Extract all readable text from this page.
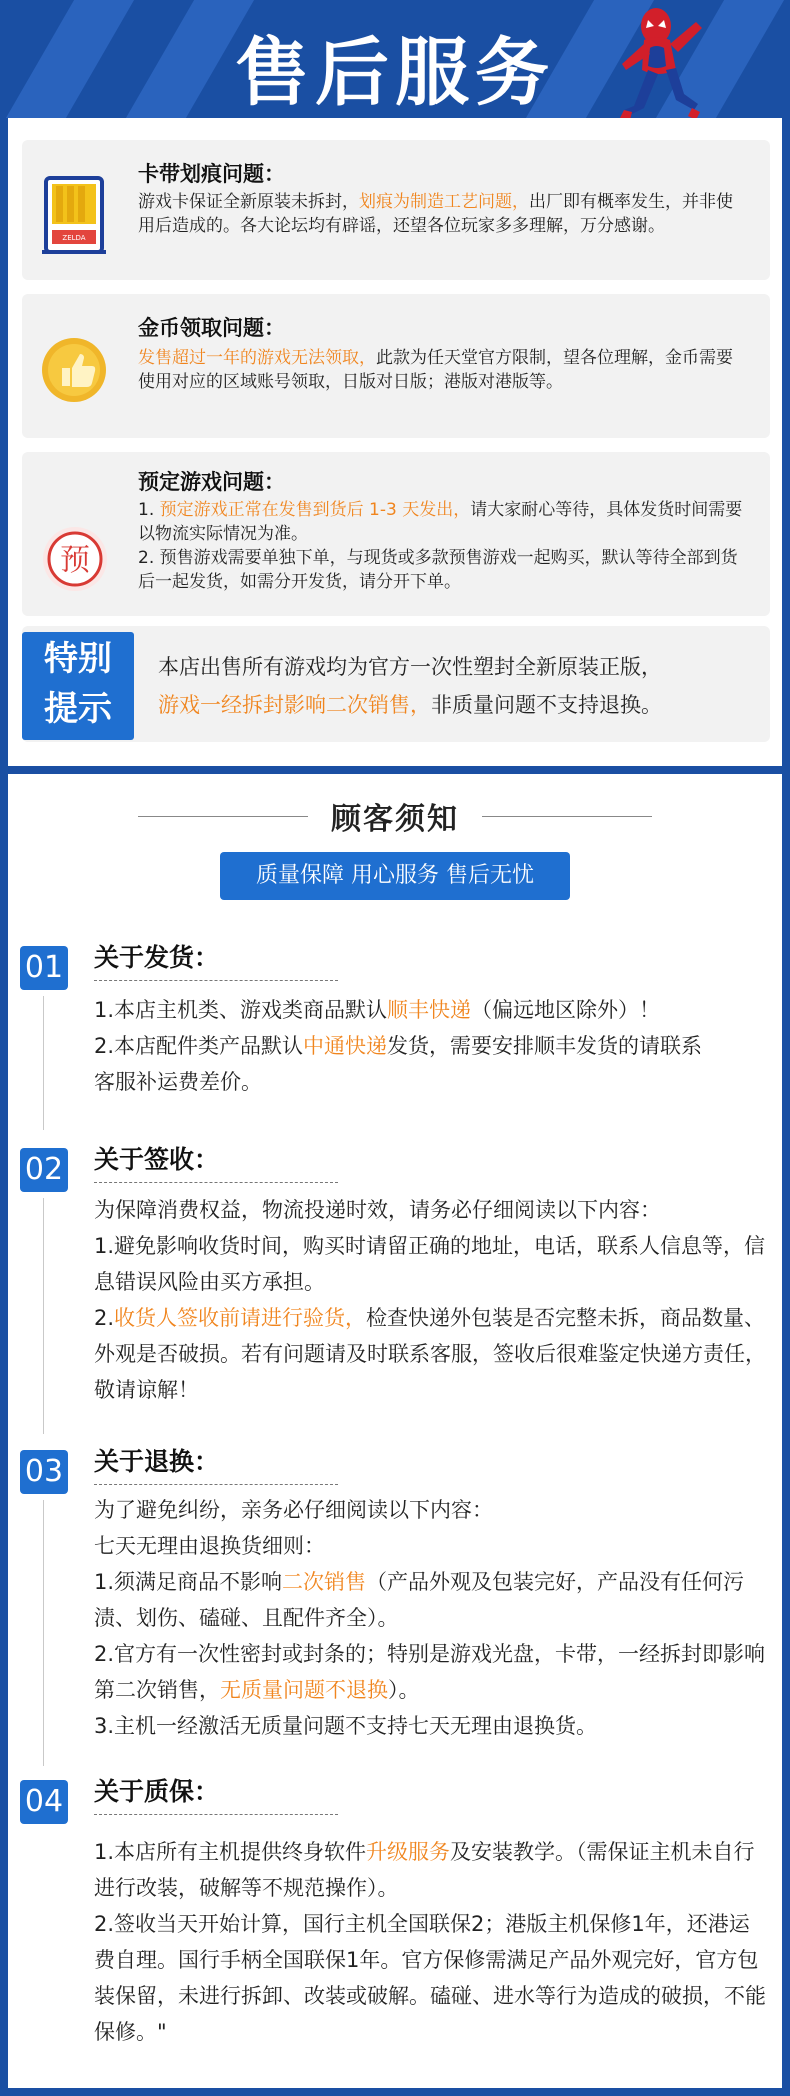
售后服务
ZELDA
卡带划痕问题：
游戏卡保证全新原装未拆封，划痕为制造工艺问题，出厂即有概率发生，并非使用后造成的。各大论坛均有辟谣，还望各位玩家多多理解，万分感谢。
金币领取问题：
发售超过一年的游戏无法领取，此款为任天堂官方限制，望各位理解，金币需要使用对应的区域账号领取，日版对日版；港版对港版等。
预
预定游戏问题：
1. 预定游戏正常在发售到货后 1-3 天发出，请大家耐心等待，具体发货时间需要以物流实际情况为准。
2. 预售游戏需要单独下单，与现货或多款预售游戏一起购买，默认等待全部到货后一起发货，如需分开发货，请分开下单。
特别
提示
本店出售所有游戏均为官方一次性塑封全新原装正版，
游戏一经拆封影响二次销售，非质量问题不支持退换。
顾客须知
质量保障 用心服务 售后无忧
01 关于发货：

1.本店主机类、游戏类商品默认顺丰快递（偏远地区除外）！

2.本店配件类产品默认中通快递发货，需要安排顺丰发货的请联系客服补运费差价。

02 关于签收：

为保障消费权益，物流投递时效，请务必仔细阅读以下内容：

1.避免影响收货时间，购买时请留正确的地址，电话，联系人信息等，信息错误风险由买方承担。

2.收货人签收前请进行验货，检查快递外包装是否完整未拆，商品数量、外观是否破损。若有问题请及时联系客服，签收后很难鉴定快递方责任，敬请谅解！

03 关于退换：

为了避免纠纷，亲务必仔细阅读以下内容：

七天无理由退换货细则：

1.须满足商品不影响二次销售（产品外观及包装完好，产品没有任何污渍、划伤、磕碰、且配件齐全）。

2.官方有一次性密封或封条的；特别是游戏光盘，卡带，一经拆封即影响第二次销售，无质量问题不退换）。

3.主机一经激活无质量问题不支持七天无理由退换货。

04 关于质保：

1.本店所有主机提供终身软件升级服务及安装教学。（需保证主机未自行进行改装，破解等不规范操作）。

2.签收当天开始计算，国行主机全国联保2；港版主机保修1年，还港运费自理。国行手柄全国联保1年。官方保修需满足产品外观完好，官方包装保留，未进行拆卸、改装或破解。磕碰、进水等行为造成的破损，不能保修。"
